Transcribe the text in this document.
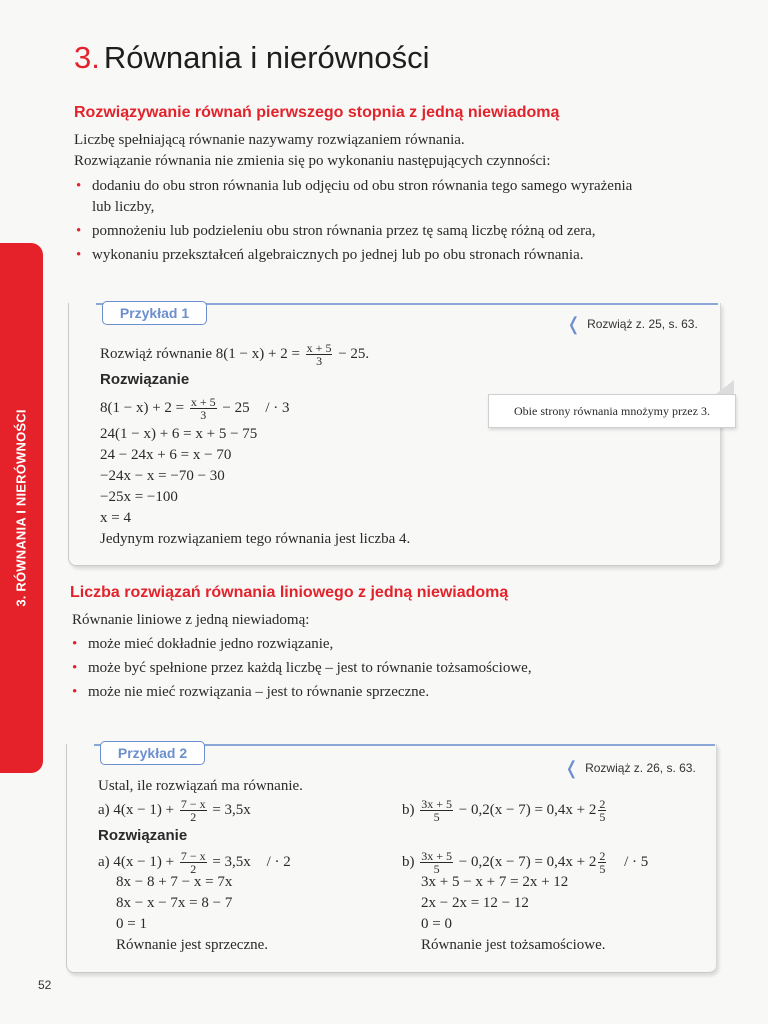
3. Równania i nierówności
3. RÓWNANIA I NIERÓWNOŚCI
Rozwiązywanie równań pierwszego stopnia z jedną niewiadomą
Liczbę spełniającą równanie nazywamy rozwiązaniem równania.
Rozwiązanie równania nie zmienia się po wykonaniu następujących czynności:
• dodaniu do obu stron równania lub odjęciu od obu stron równania tego samego wyrażenia
lub liczby,
• pomnożeniu lub podzieleniu obu stron równania przez tę samą liczbę różną od zera,
• wykonaniu przekształceń algebraicznych po jednej lub po obu stronach równania.
Przykład 1
❬ Rozwiąż z. 25, s. 63.
Rozwiąż równanie $8(1 - x) + 2 = \frac{x + 5}{3} - 25$.
Rozwiązanie
$8(1 - x) + 2 = \frac{x + 5}{3} - 25$ / · 3
24(1 − x) + 6 = x + 5 − 75
24 − 24x + 6 = x − 70
−24x − x = −70 − 30
−25x = −100
x = 4
Jedynym rozwiązaniem tego równania jest liczba 4.
Obie strony równania mnożymy przez 3.
Liczba rozwiązań równania liniowego z jedną niewiadomą
Równanie liniowe z jedną niewiadomą:
• może mieć dokładnie jedno rozwiązanie,
• może być spełnione przez każdą liczbę – jest to równanie tożsamościowe,
• może nie mieć rozwiązania – jest to równanie sprzeczne.
Przykład 2
❬ Rozwiąż z. 26, s. 63.
Ustal, ile rozwiązań ma równanie.
a) $4(x - 1) + \frac{7 - x}{2} = 3,5x$	$b) \frac{3x + 5}{5} - 0,2(x - 7) = 0,4x + 2 \frac{2}{5}$
Rozwiązanie
a) $4(x - 1) + \frac{7 - x}{2} = 3,5x$ / · 2
8x − 8 + 7 − x = 7x
8x − x − 7x = 8 − 7
0 = 1
Równanie jest sprzeczne.
$b) \frac{3x + 5}{5} - 0,2(x - 7) = 0,4x + 2 \frac{2}{5}$ / · 5
3x + 5 − x + 7 = 2x + 12
2x − 2x = 12 − 12
0 = 0
Równanie jest tożsamościowe.
52
